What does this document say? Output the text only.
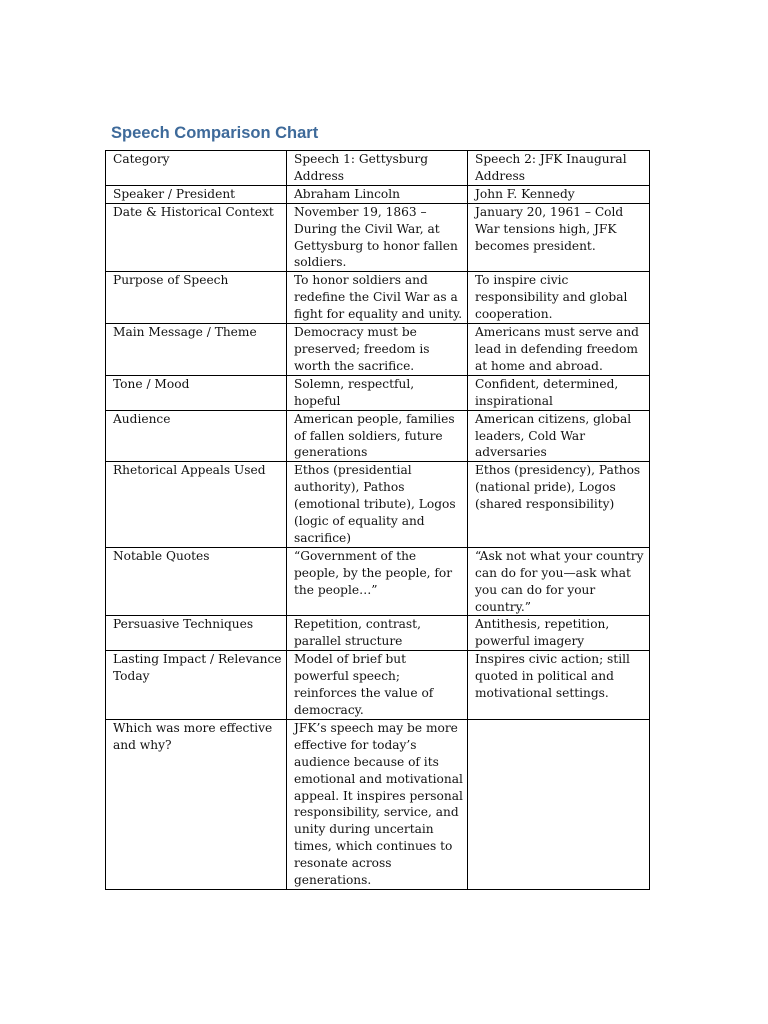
Speech Comparison Chart
Category	Speech 1: Gettysburg Address	Speech 2: JFK Inaugural Address
Speaker / President	Abraham Lincoln	John F. Kennedy
Date & Historical Context	November 19, 1863 – During the Civil War, at Gettysburg to honor fallen soldiers.	January 20, 1961 – Cold War tensions high, JFK becomes president.
Purpose of Speech	To honor soldiers and redefine the Civil War as a fight for equality and unity.	To inspire civic responsibility and global cooperation.
Main Message / Theme	Democracy must be preserved; freedom is worth the sacrifice.	Americans must serve and lead in defending freedom at home and abroad.
Tone / Mood	Solemn, respectful, hopeful	Confident, determined, inspirational
Audience	American people, families of fallen soldiers, future generations	American citizens, global leaders, Cold War adversaries
Rhetorical Appeals Used	Ethos (presidential authority), Pathos (emotional tribute), Logos (logic of equality and sacrifice)	Ethos (presidency), Pathos (national pride), Logos (shared responsibility)
Notable Quotes	“Government of the people, by the people, for the people…”	“Ask not what your country can do for you—ask what you can do for your country.”
Persuasive Techniques	Repetition, contrast, parallel structure	Antithesis, repetition, powerful imagery
Lasting Impact / Relevance Today	Model of brief but powerful speech; reinforces the value of democracy.	Inspires civic action; still quoted in political and motivational settings.
Which was more effective and why?	JFK’s speech may be more effective for today’s audience because of its emotional and motivational appeal. It inspires personal responsibility, service, and unity during uncertain times, which continues to resonate across generations.	
